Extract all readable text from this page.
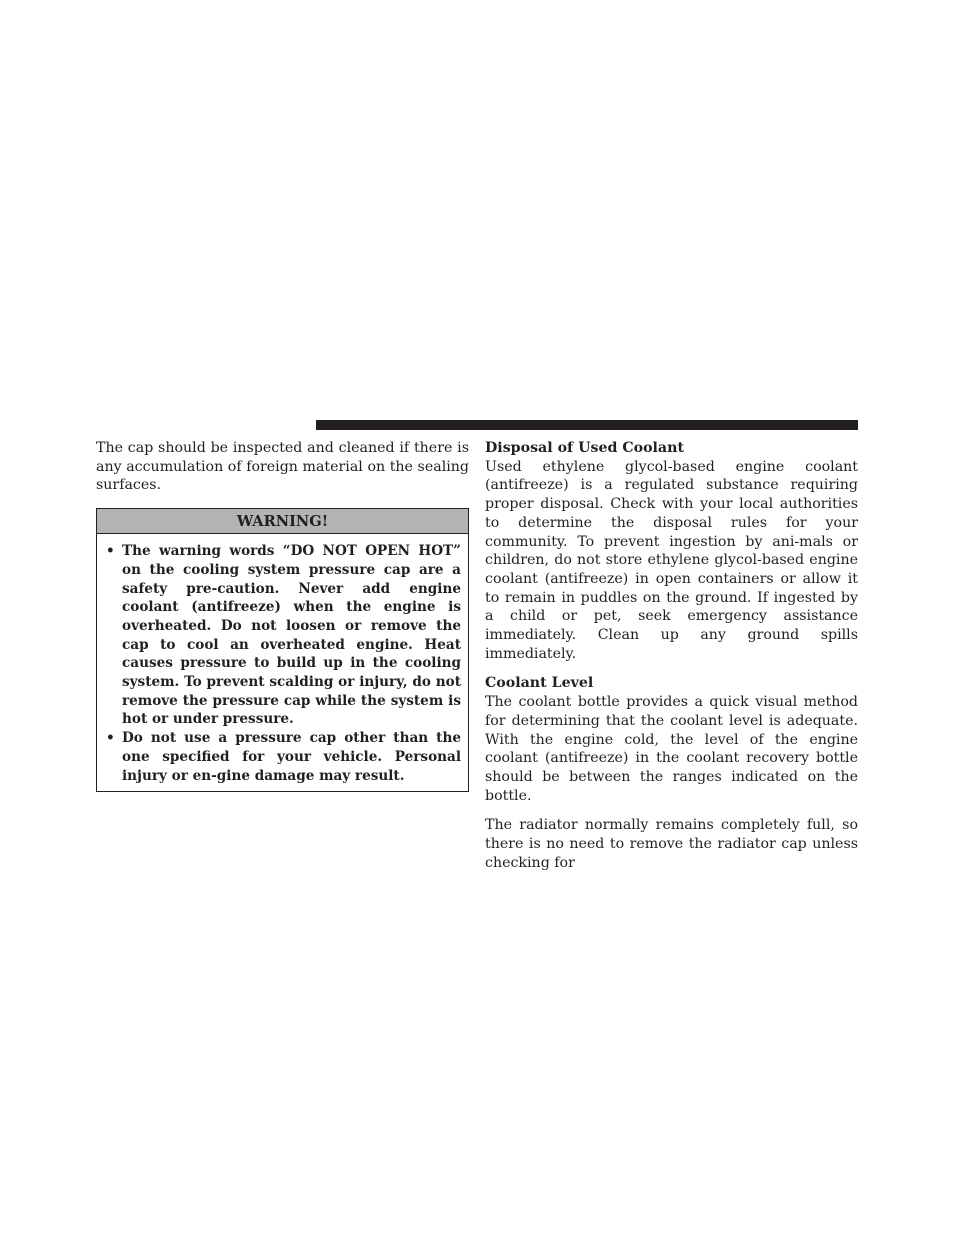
The cap should be inspected and cleaned if there is any accumulation of foreign material on the sealing surfaces.

WARNING!
• The warning words “DO NOT OPEN HOT” on the cooling system pressure cap are a safety pre-caution. Never add engine coolant (antifreeze) when the engine is overheated. Do not loosen or remove the cap to cool an overheated engine. Heat causes pressure to build up in the cooling system. To prevent scalding or injury, do not remove the pressure cap while the system is hot or under pressure.
• Do not use a pressure cap other than the one specified for your vehicle. Personal injury or en-gine damage may result.

Disposal of Used Coolant

Used ethylene glycol-based engine coolant (antifreeze) is a regulated substance requiring proper disposal. Check with your local authorities to determine the disposal rules for your community. To prevent ingestion by ani-mals or children, do not store ethylene glycol-based engine coolant (antifreeze) in open containers or allow it to remain in puddles on the ground. If ingested by a child or pet, seek emergency assistance immediately. Clean up any ground spills immediately.

Coolant Level

The coolant bottle provides a quick visual method for determining that the coolant level is adequate. With the engine cold, the level of the engine coolant (antifreeze) in the coolant recovery bottle should be between the ranges indicated on the bottle.

The radiator normally remains completely full, so there is no need to remove the radiator cap unless checking for
